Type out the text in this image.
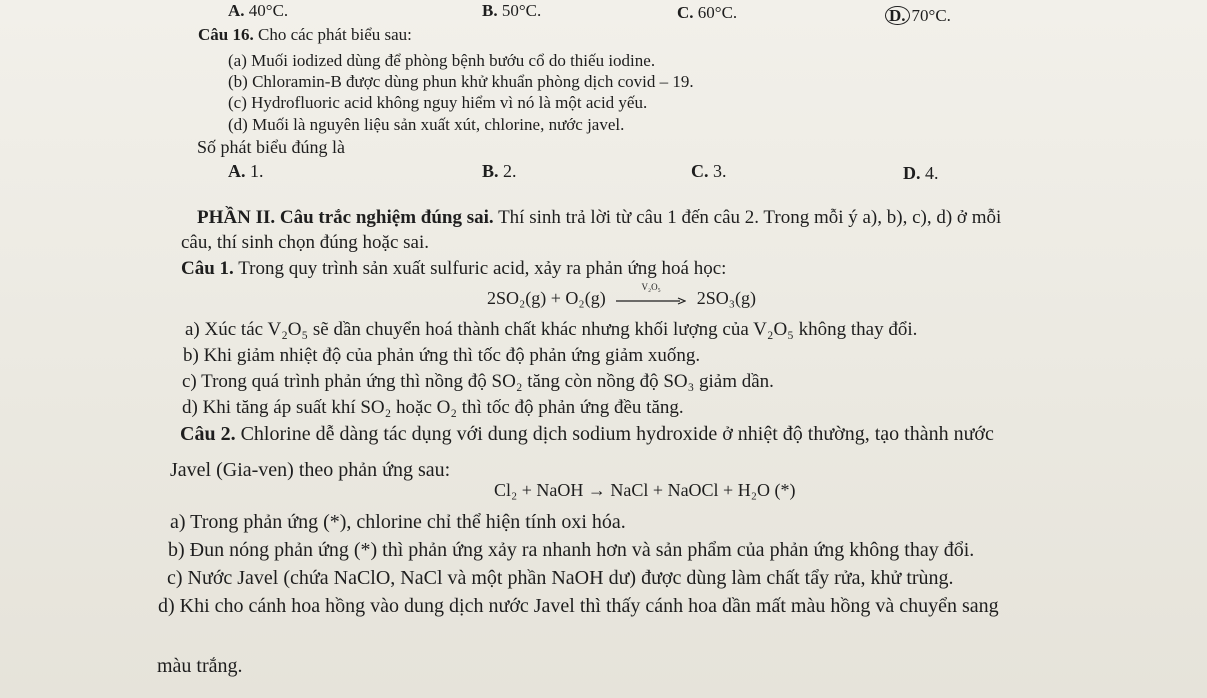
A. 40°C.	B. 50°C.	C. 60°C.	D. 70°C.
Câu 16. Cho các phát biểu sau:
(a) Muối iodized dùng để phòng bệnh bướu cổ do thiếu iodine.
(b) Chloramin-B được dùng phun khử khuẩn phòng dịch covid – 19.
(c) Hydrofluoric acid không nguy hiểm vì nó là một acid yếu.
(d) Muối là nguyên liệu sản xuất xút, chlorine, nước javel.
Số phát biểu đúng là
A. 1.	B. 2.	C. 3.	D. 4.
PHẦN II. Câu trắc nghiệm đúng sai. Thí sinh trả lời từ câu 1 đến câu 2. Trong mỗi ý a), b), c), d) ở mỗi
câu, thí sinh chọn đúng hoặc sai.
Câu 1. Trong quy trình sản xuất sulfuric acid, xảy ra phản ứng hoá học:
2SO₂(g) + O₂(g)
V₂O₅
2SO₃(g)
a) Xúc tác V₂O₅ sẽ dần chuyển hoá thành chất khác nhưng khối lượng của V₂O₅ không thay đổi.
b) Khi giảm nhiệt độ của phản ứng thì tốc độ phản ứng giảm xuống.
c) Trong quá trình phản ứng thì nồng độ SO₂ tăng còn nồng độ SO₃ giảm dần.
d) Khi tăng áp suất khí SO₂ hoặc O₂ thì tốc độ phản ứng đều tăng.
Câu 2. Chlorine dễ dàng tác dụng với dung dịch sodium hydroxide ở nhiệt độ thường, tạo thành nước
Javel (Gia-ven) theo phản ứng sau:
Cl₂ + NaOH → NaCl + NaOCl + H₂O (*)
a) Trong phản ứng (*), chlorine chỉ thể hiện tính oxi hóa.
b) Đun nóng phản ứng (*) thì phản ứng xảy ra nhanh hơn và sản phẩm của phản ứng không thay đổi.
c) Nước Javel (chứa NaClO, NaCl và một phần NaOH dư) được dùng làm chất tẩy rửa, khử trùng.
d) Khi cho cánh hoa hồng vào dung dịch nước Javel thì thấy cánh hoa dần mất màu hồng và chuyển sang
màu trắng.
